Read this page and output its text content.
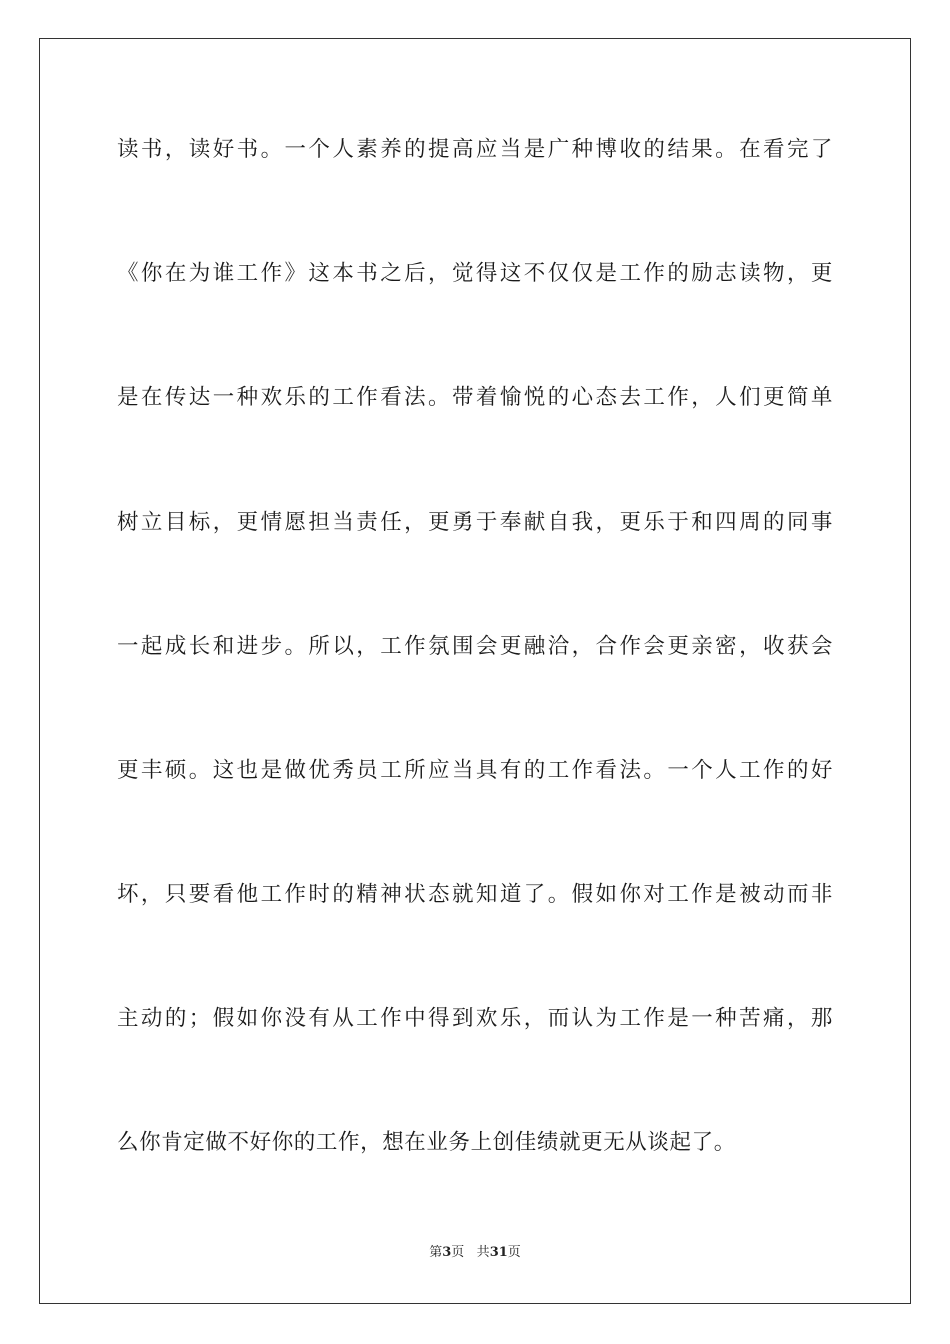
读书，读好书。一个人素养的提高应当是广种博收的结果。在看完了
《你在为谁工作》这本书之后，觉得这不仅仅是工作的励志读物，更
是在传达一种欢乐的工作看法。带着愉悦的心态去工作，人们更简单
树立目标，更情愿担当责任，更勇于奉献自我，更乐于和四周的同事
一起成长和进步。所以，工作氛围会更融洽，合作会更亲密，收获会
更丰硕。这也是做优秀员工所应当具有的工作看法。一个人工作的好
坏，只要看他工作时的精神状态就知道了。假如你对工作是被动而非
主动的；假如你没有从工作中得到欢乐，而认为工作是一种苦痛，那
么你肯定做不好你的工作，想在业务上创佳绩就更无从谈起了。
第3页 共31页
